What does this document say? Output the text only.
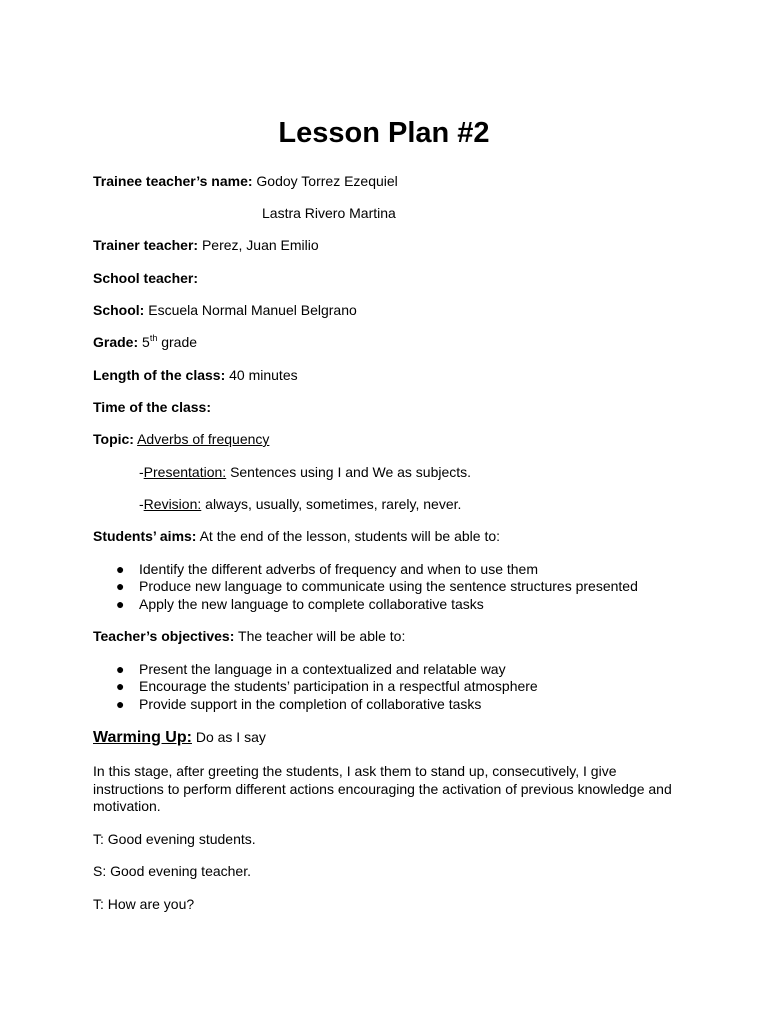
Lesson Plan #2
Trainee teacher’s name: Godoy Torrez Ezequiel
Lastra Rivero Martina
Trainer teacher: Perez, Juan Emilio
School teacher:
School: Escuela Normal Manuel Belgrano
Grade: 5th grade
Length of the class: 40 minutes
Time of the class:
Topic: Adverbs of frequency
-Presentation: Sentences using I and We as subjects.
-Revision: always, usually, sometimes, rarely, never.
Students’ aims: At the end of the lesson, students will be able to:
● Identify the different adverbs of frequency and when to use them
● Produce new language to communicate using the sentence structures presented
● Apply the new language to complete collaborative tasks
Teacher’s objectives: The teacher will be able to:
● Present the language in a contextualized and relatable way
● Encourage the students’ participation in a respectful atmosphere
● Provide support in the completion of collaborative tasks
Warming Up: Do as I say
In this stage, after greeting the students, I ask them to stand up, consecutively, I give instructions to perform different actions encouraging the activation of previous knowledge and motivation.
T: Good evening students.
S: Good evening teacher.
T: How are you?
